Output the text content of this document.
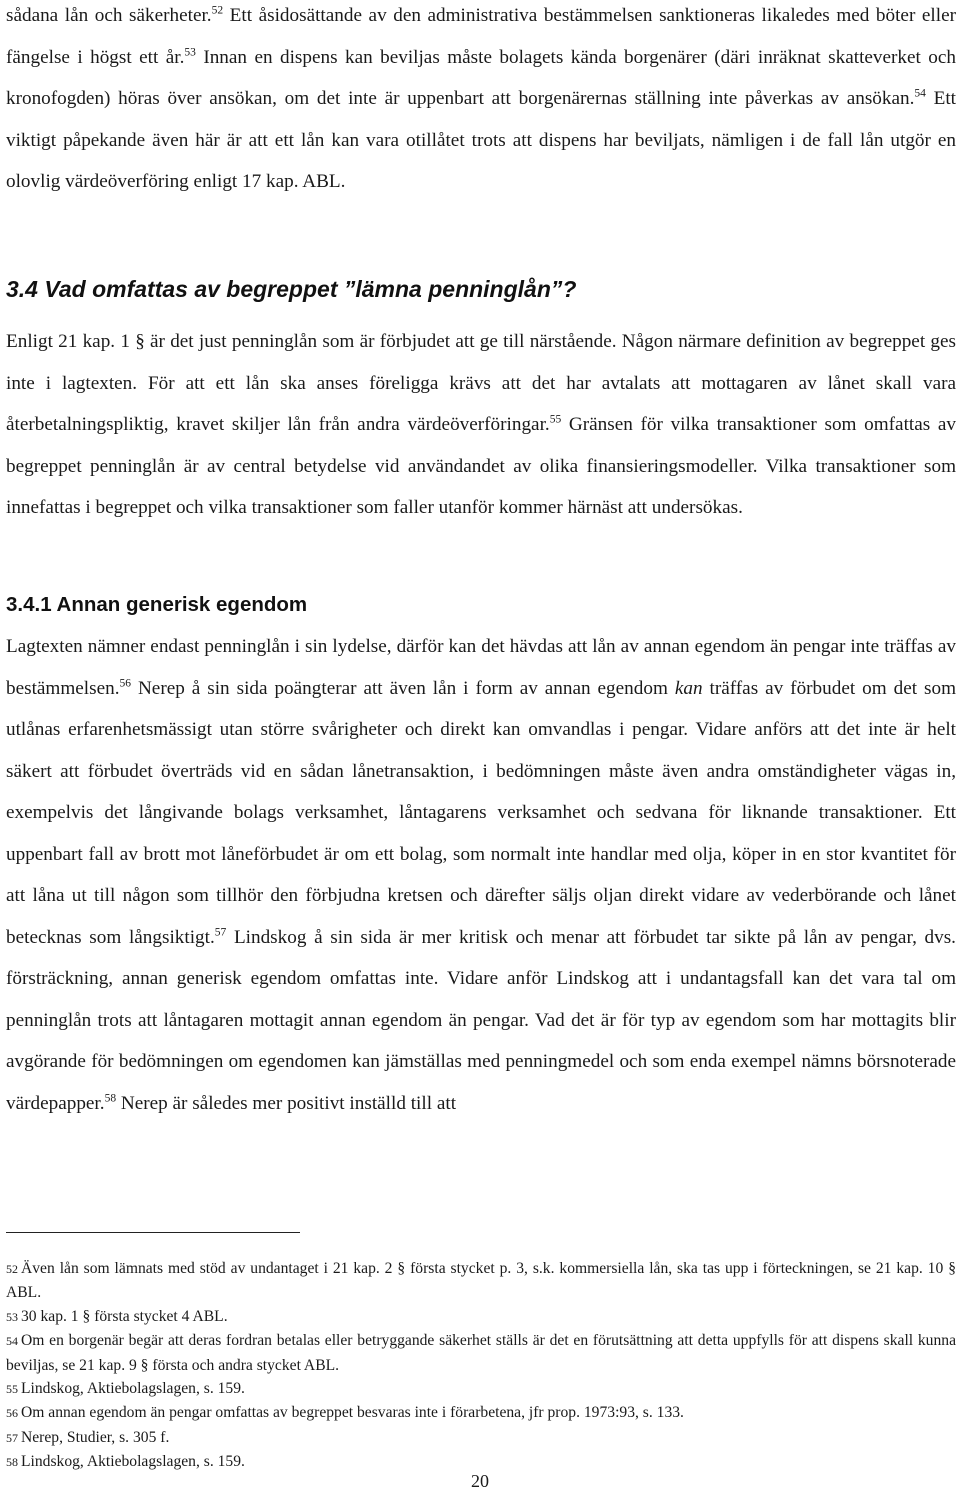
sådana lån och säkerheter.$^{52}$ Ett åsidosättande av den administrativa bestämmelsen sanktioneras likaledes med böter eller fängelse i högst ett år.$^{53}$ Innan en dispens kan beviljas måste bolagets kända borgenärer (däri inräknat skatteverket och kronofogden) höras över ansökan, om det inte är uppenbart att borgenärernas ställning inte påverkas av ansökan.$^{54}$ Ett viktigt påpekande även här är att ett lån kan vara otillåtet trots att dispens har beviljats, nämligen i de fall lån utgör en olovlig värdeöverföring enligt 17 kap. ABL.

3.4 Vad omfattas av begreppet ”lämna penninglån”?

Enligt 21 kap. 1 § är det just penninglån som är förbjudet att ge till närstående. Någon närmare definition av begreppet ges inte i lagtexten. För att ett lån ska anses föreligga krävs att det har avtalats att mottagaren av lånet skall vara återbetalningspliktig, kravet skiljer lån från andra värdeöverföringar.$^{55}$ Gränsen för vilka transaktioner som omfattas av begreppet penninglån är av central betydelse vid användandet av olika finansieringsmodeller. Vilka transaktioner som innefattas i begreppet och vilka transaktioner som faller utanför kommer härnäst att undersökas.

3.4.1 Annan generisk egendom

Lagtexten nämner endast penninglån i sin lydelse, därför kan det hävdas att lån av annan egendom än pengar inte träffas av bestämmelsen.$^{56}$ Nerep å sin sida poängterar att även lån i form av annan egendom kan träffas av förbudet om det som utlånas erfarenhetsmässigt utan större svårigheter och direkt kan omvandlas i pengar. Vidare anförs att det inte är helt säkert att förbudet överträds vid en sådan lånetransaktion, i bedömningen måste även andra omständigheter vägas in, exempelvis det långivande bolags verksamhet, låntagarens verksamhet och sedvana för liknande transaktioner. Ett uppenbart fall av brott mot låneförbudet är om ett bolag, som normalt inte handlar med olja, köper in en stor kvantitet för att låna ut till någon som tillhör den förbjudna kretsen och därefter säljs oljan direkt vidare av vederbörande och lånet betecknas som långsiktigt.$^{57}$ Lindskog å sin sida är mer kritisk och menar att förbudet tar sikte på lån av pengar, dvs. försträckning, annan generisk egendom omfattas inte. Vidare anför Lindskog att i undantagsfall kan det vara tal om penninglån trots att låntagaren mottagit annan egendom än pengar. Vad det är för typ av egendom som har mottagits blir avgörande för bedömningen om egendomen kan jämställas med penningmedel och som enda exempel nämns börsnoterade värdepapper.$^{58}$ Nerep är således mer positivt inställd till att

52 Även lån som lämnats med stöd av undantaget i 21 kap. 2 § första stycket p. 3, s.k. kommersiella lån, ska tas upp i förteckningen, se 21 kap. 10 § ABL.

53 30 kap. 1 § första stycket 4 ABL.

54 Om en borgenär begär att deras fordran betalas eller betryggande säkerhet ställs är det en förutsättning att detta uppfylls för att dispens skall kunna beviljas, se 21 kap. 9 § första och andra stycket ABL.

55 Lindskog, Aktiebolagslagen, s. 159.

56 Om annan egendom än pengar omfattas av begreppet besvaras inte i förarbetena, jfr prop. 1973:93, s. 133.

57 Nerep, Studier, s. 305 f.

58 Lindskog, Aktiebolagslagen, s. 159.

20
